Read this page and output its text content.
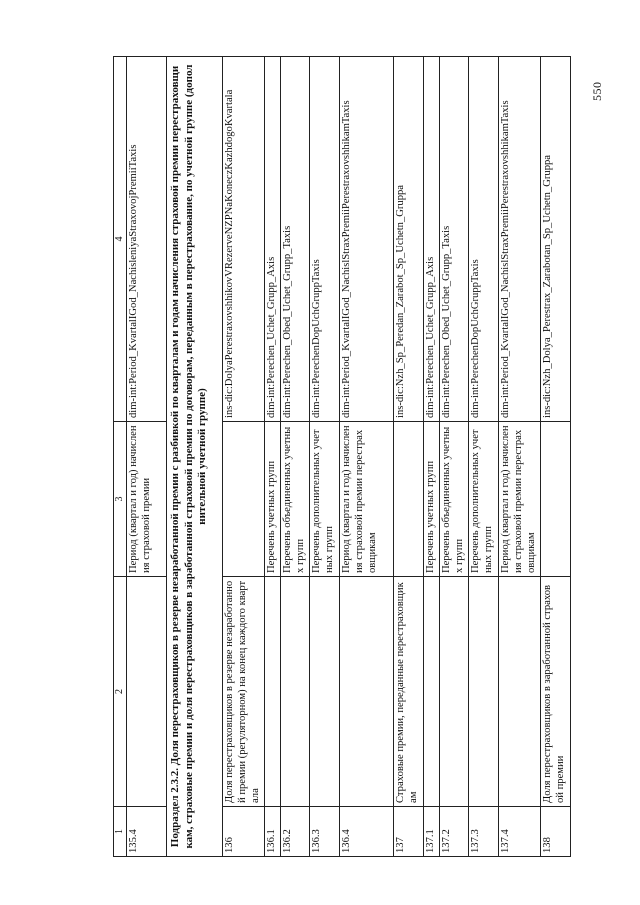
550
1	2	3	4
135.4		Период (квартал и год) начисления страховой премии	dim-int:Period_KvartalIGod_NachisleniyaStraxovojPremiiTaxis
Подраздел 2.3.2. Доля перестраховщиков в резерве незаработанной премии с разбивкой по кварталам и годам начисления страховой премии перестраховщикам, страховые премии и доля перестраховщиков в заработанной страховой премии по договорам, переданным в перестрахование, по учетной группе (дополнительной учетной группе)			
136	Доля перестраховщиков в резерве незаработанной премии (регуляторном) на конец каждого квартала		ins-dic:DolyaPerestraxovshhikovVRezerveNZPNaKoneczKazhdogoKvartala
136.1		Перечень учетных групп	dim-int:Perechen_Uchet_Grupp_Axis
136.2		Перечень объединенных учетных групп	dim-int:Perechen_Obed_Uchet_Grupp_Taxis
136.3		Перечень дополнительных учетных групп	dim-int:PerechenDopUchGruppTaxis
136.4		Период (квартал и год) начисления страховой премии перестраховщикам	dim-int:Period_KvartalIGod_NachislStraxPremiiPerestraxovshhikamTaxis
137	Страховые премии, переданные перестраховщикам		ins-dic:Nzh_Sp_Peredan_Zarabot_Sp_Uchetn_Gruppa
137.1		Перечень учетных групп	dim-int:Perechen_Uchet_Grupp_Axis
137.2		Перечень объединенных учетных групп	dim-int:Perechen_Obed_Uchet_Grupp_Taxis
137.3		Перечень дополнительных учетных групп	dim-int:PerechenDopUchGruppTaxis
137.4		Период (квартал и год) начисления страховой премии перестраховщикам	dim-int:Period_KvartalIGod_NachislStraxPremiiPerestraxovshhikamTaxis
138	Доля перестраховщиков в заработанной страховой премии		ins-dic:Nzh_Dolya_Perestrax_Zarabotan_Sp_Uchetn_Gruppa
